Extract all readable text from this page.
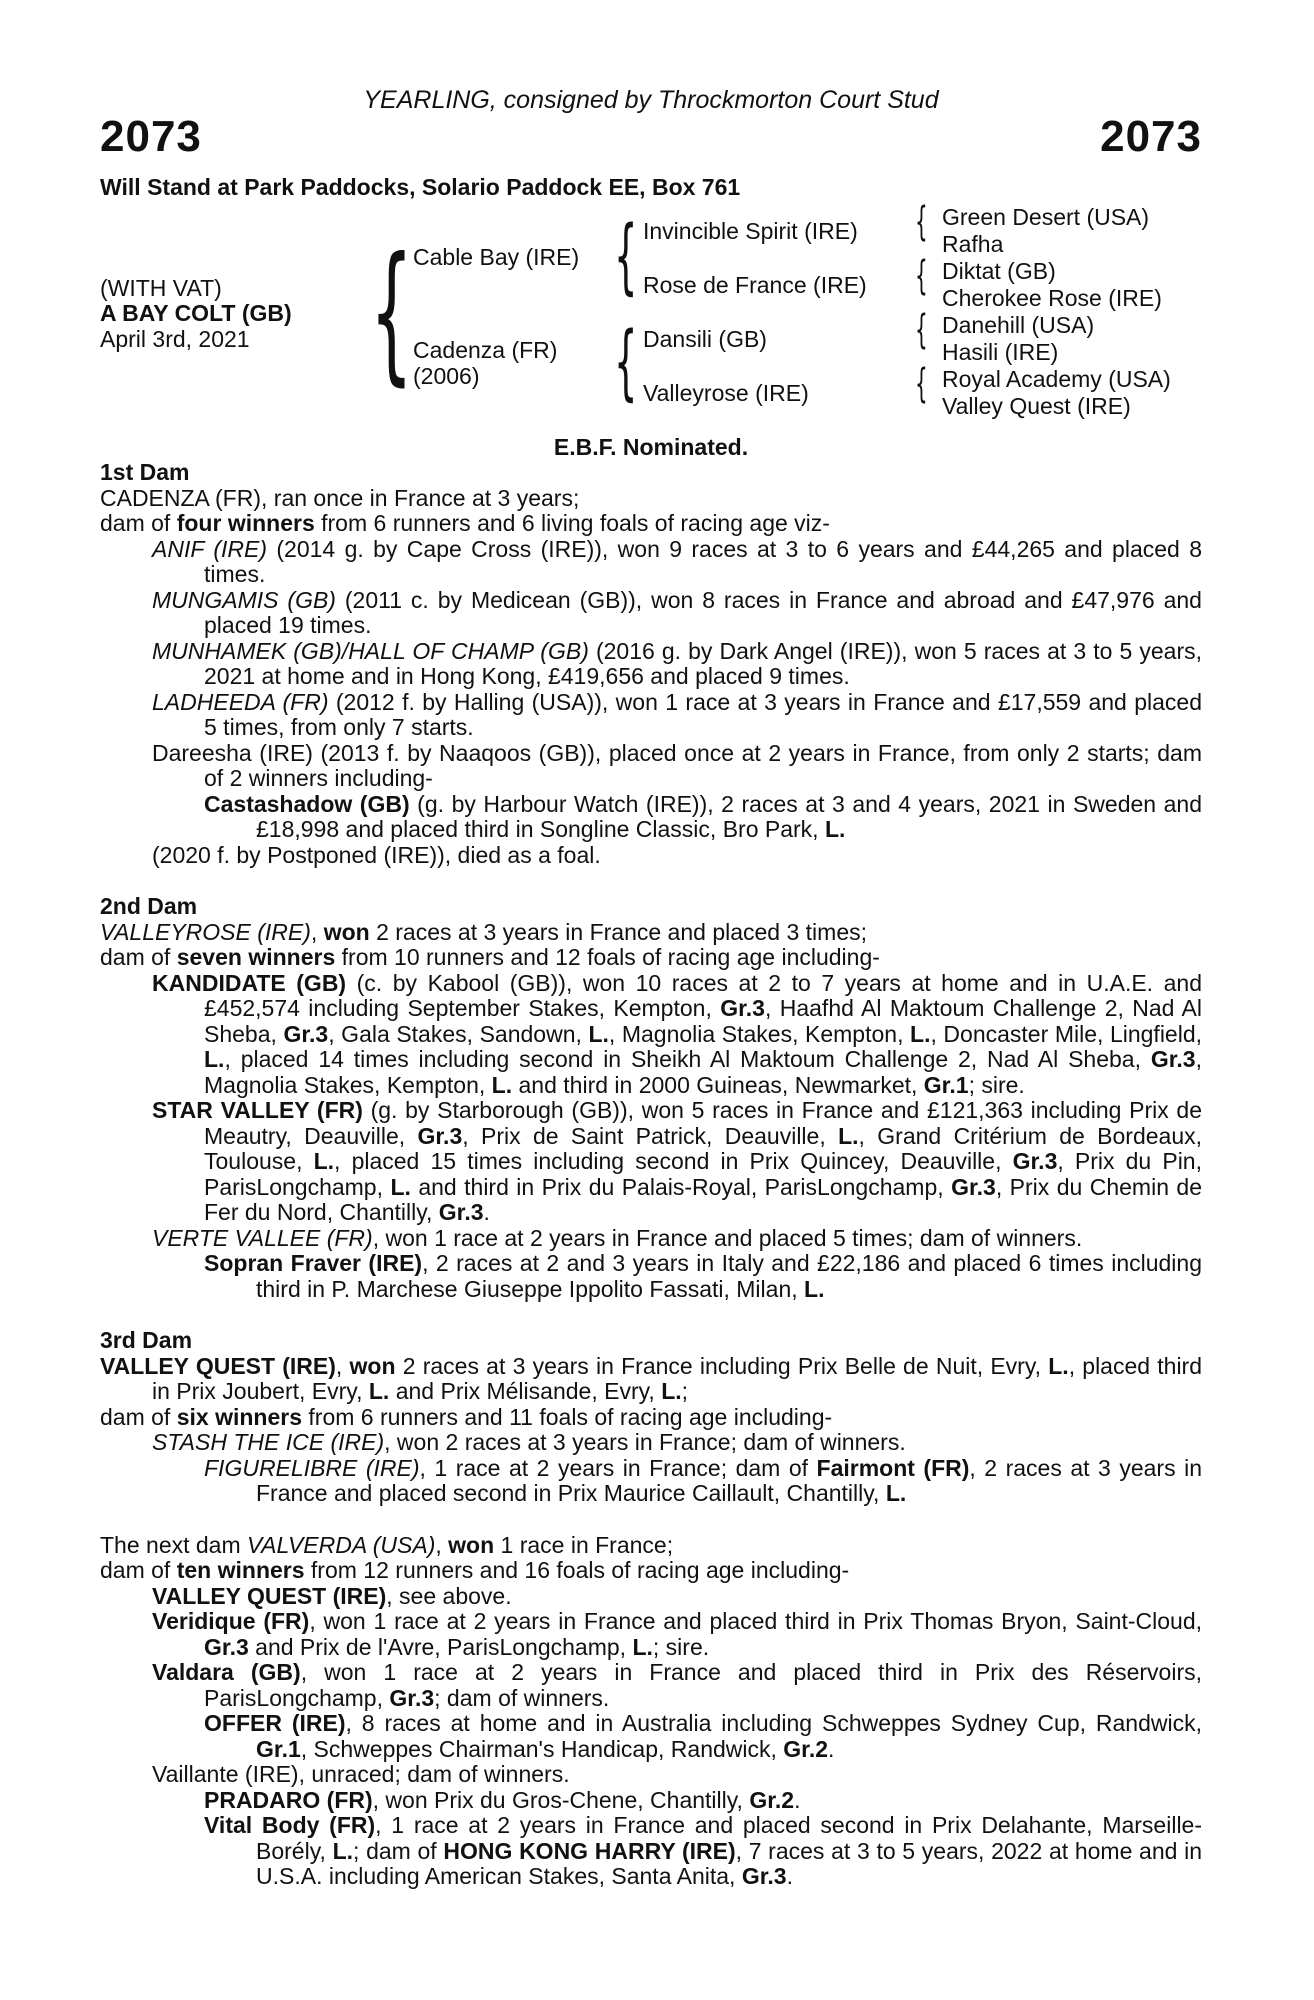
YEARLING, consigned by Throckmorton Court Stud
2073	2073
Will Stand at Park Paddocks, Solario Paddock EE, Box 761
(WITH VAT)
A BAY COLT (GB)
April 3rd, 2021 { Cable Bay (IRE)
Cadenza (FR)
(2006)
{
{
Invincible Spirit (IRE)
Rose de France (IRE)
Dansili (GB)
Valleyrose (IRE)
{
{
{
{
Green Desert (USA)
Rafha
Diktat (GB)
Cherokee Rose (IRE)
Danehill (USA)
Hasili (IRE)
Royal Academy (USA)
Valley Quest (IRE)
E.B.F. Nominated.

1st Dam

CADENZA (FR), ran once in France at 3 years;

dam of four winners from 6 runners and 6 living foals of racing age viz-

ANIF (IRE) (2014 g. by Cape Cross (IRE)), won 9 races at 3 to 6 years and £44,265 and placed 8 times.

MUNGAMIS (GB) (2011 c. by Medicean (GB)), won 8 races in France and abroad and £47,976 and placed 19 times.

MUNHAMEK (GB)/HALL OF CHAMP (GB) (2016 g. by Dark Angel (IRE)), won 5 races at 3 to 5 years, 2021 at home and in Hong Kong, £419,656 and placed 9 times.

LADHEEDA (FR) (2012 f. by Halling (USA)), won 1 race at 3 years in France and £17,559 and placed 5 times, from only 7 starts.

Dareesha (IRE) (2013 f. by Naaqoos (GB)), placed once at 2 years in France, from only 2 starts; dam of 2 winners including-

Castashadow (GB) (g. by Harbour Watch (IRE)), 2 races at 3 and 4 years, 2021 in Sweden and £18,998 and placed third in Songline Classic, Bro Park, L.

(2020 f. by Postponed (IRE)), died as a foal.

2nd Dam

VALLEYROSE (IRE), won 2 races at 3 years in France and placed 3 times;

dam of seven winners from 10 runners and 12 foals of racing age including-

KANDIDATE (GB) (c. by Kabool (GB)), won 10 races at 2 to 7 years at home and in U.A.E. and £452,574 including September Stakes, Kempton, Gr.3, Haafhd Al Maktoum Challenge 2, Nad Al Sheba, Gr.3, Gala Stakes, Sandown, L., Magnolia Stakes, Kempton, L., Doncaster Mile, Lingfield, L., placed 14 times including second in Sheikh Al Maktoum Challenge 2, Nad Al Sheba, Gr.3, Magnolia Stakes, Kempton, L. and third in 2000 Guineas, Newmarket, Gr.1; sire.

STAR VALLEY (FR) (g. by Starborough (GB)), won 5 races in France and £121,363 including Prix de Meautry, Deauville, Gr.3, Prix de Saint Patrick, Deauville, L., Grand Critérium de Bordeaux, Toulouse, L., placed 15 times including second in Prix Quincey, Deauville, Gr.3, Prix du Pin, ParisLongchamp, L. and third in Prix du Palais-Royal, ParisLongchamp, Gr.3, Prix du Chemin de Fer du Nord, Chantilly, Gr.3.

VERTE VALLEE (FR), won 1 race at 2 years in France and placed 5 times; dam of winners.

Sopran Fraver (IRE), 2 races at 2 and 3 years in Italy and £22,186 and placed 6 times including third in P. Marchese Giuseppe Ippolito Fassati, Milan, L.

3rd Dam

VALLEY QUEST (IRE), won 2 races at 3 years in France including Prix Belle de Nuit, Evry, L., placed third in Prix Joubert, Evry, L. and Prix Mélisande, Evry, L.;

dam of six winners from 6 runners and 11 foals of racing age including-

STASH THE ICE (IRE), won 2 races at 3 years in France; dam of winners.

FIGURELIBRE (IRE), 1 race at 2 years in France; dam of Fairmont (FR), 2 races at 3 years in France and placed second in Prix Maurice Caillault, Chantilly, L.

The next dam VALVERDA (USA), won 1 race in France;

dam of ten winners from 12 runners and 16 foals of racing age including-

VALLEY QUEST (IRE), see above.

Veridique (FR), won 1 race at 2 years in France and placed third in Prix Thomas Bryon, Saint-Cloud, Gr.3 and Prix de l'Avre, ParisLongchamp, L.; sire.

Valdara (GB), won 1 race at 2 years in France and placed third in Prix des Réservoirs, ParisLongchamp, Gr.3; dam of winners.

OFFER (IRE), 8 races at home and in Australia including Schweppes Sydney Cup, Randwick, Gr.1, Schweppes Chairman's Handicap, Randwick, Gr.2.

Vaillante (IRE), unraced; dam of winners.

PRADARO (FR), won Prix du Gros-Chene, Chantilly, Gr.2.

Vital Body (FR), 1 race at 2 years in France and placed second in Prix Delahante, Marseille-Borély, L.; dam of HONG KONG HARRY (IRE), 7 races at 3 to 5 years, 2022 at home and in U.S.A. including American Stakes, Santa Anita, Gr.3.
